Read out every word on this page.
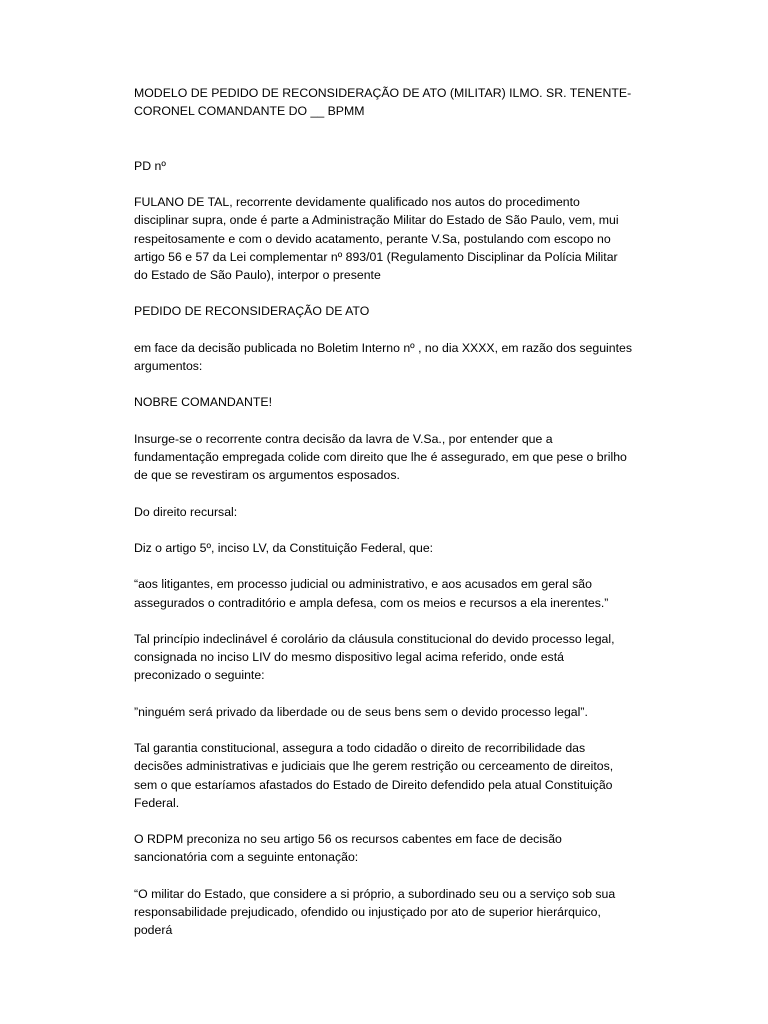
MODELO DE PEDIDO DE RECONSIDERAÇÃO DE ATO (MILITAR) ILMO. SR. TENENTE-CORONEL COMANDANTE DO __ BPMM

PD nº

FULANO DE TAL, recorrente devidamente qualificado nos autos do procedimento disciplinar supra, onde é parte a Administração Militar do Estado de São Paulo, vem, mui respeitosamente e com o devido acatamento, perante V.Sa, postulando com escopo no artigo 56 e 57 da Lei complementar nº 893/01 (Regulamento Disciplinar da Polícia Militar do Estado de São Paulo), interpor o presente

PEDIDO DE RECONSIDERAÇÃO DE ATO

em face da decisão publicada no Boletim Interno nº , no dia XXXX, em razão dos seguintes argumentos:

NOBRE COMANDANTE!

Insurge-se o recorrente contra decisão da lavra de V.Sa., por entender que a fundamentação empregada colide com direito que lhe é assegurado, em que pese o brilho de que se revestiram os argumentos esposados.

Do direito recursal:

Diz o artigo 5º, inciso LV, da Constituição Federal, que:

“aos litigantes, em processo judicial ou administrativo, e aos acusados em geral são assegurados o contraditório e ampla defesa, com os meios e recursos a ela inerentes.”

Tal princípio indeclinável é corolário da cláusula constitucional do devido processo legal, consignada no inciso LIV do mesmo dispositivo legal acima referido, onde está preconizado o seguinte:

”ninguém será privado da liberdade ou de seus bens sem o devido processo legal”.

Tal garantia constitucional, assegura a todo cidadão o direito de recorribilidade das decisões administrativas e judiciais que lhe gerem restrição ou cerceamento de direitos, sem o que estaríamos afastados do Estado de Direito defendido pela atual Constituição Federal.

O RDPM preconiza no seu artigo 56 os recursos cabentes em face de decisão sancionatória com a seguinte entonação:

“O militar do Estado, que considere a si próprio, a subordinado seu ou a serviço sob sua responsabilidade prejudicado, ofendido ou injustiçado por ato de superior hierárquico, poderá
